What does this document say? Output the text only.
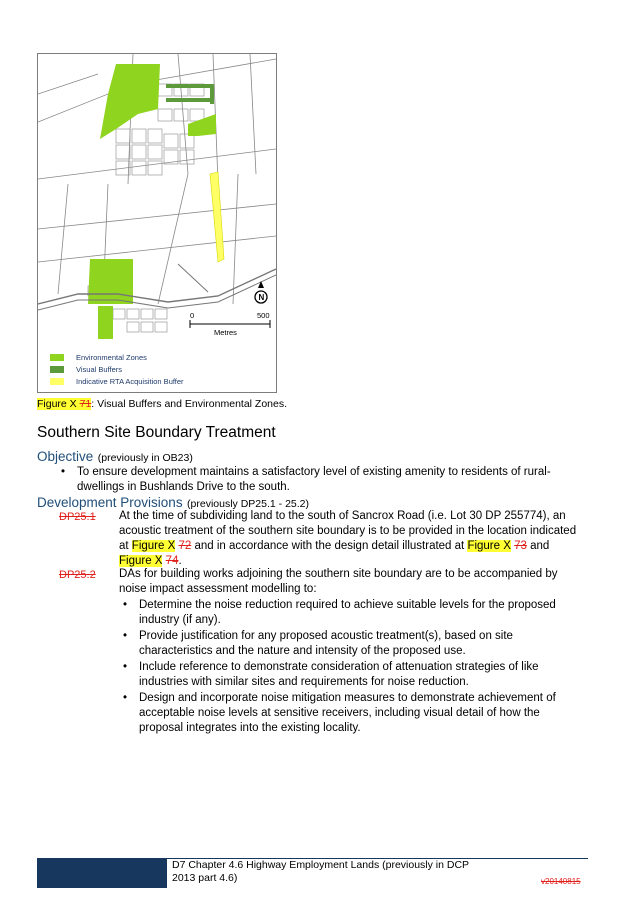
N
0	500
Metres
Environmental Zones
Visual Buffers
Indicative RTA Acquisition Buffer
Figure X 71: Visual Buffers and Environmental Zones.
Southern Site Boundary Treatment
Objective (previously in OB23)
• To ensure development maintains a satisfactory level of existing amenity to residents of rural-dwellings in Bushlands Drive to the south.
Development Provisions (previously DP25.1 - 25.2)
DP25.1 At the time of subdividing land to the south of Sancrox Road (i.e. Lot 30 DP 255774), an acoustic treatment of the southern site boundary is to be provided in the location indicated at Figure X 72 and in accordance with the design detail illustrated at Figure X 73 and Figure X 74.
DP25.2 DAs for building works adjoining the southern site boundary are to be accompanied by noise impact assessment modelling to:
• Determine the noise reduction required to achieve suitable levels for the proposed industry (if any).
• Provide justification for any proposed acoustic treatment(s), based on site characteristics and the nature and intensity of the proposed use.
• Include reference to demonstrate consideration of attenuation strategies of like industries with similar sites and requirements for noise reduction.
• Design and incorporate noise mitigation measures to demonstrate achievement of acceptable noise levels at sensitive receivers, including visual detail of how the proposal integrates into the existing locality.
D7 Chapter 4.6 Highway Employment Lands (previously in DCP 2013 part 4.6)	v20140815
